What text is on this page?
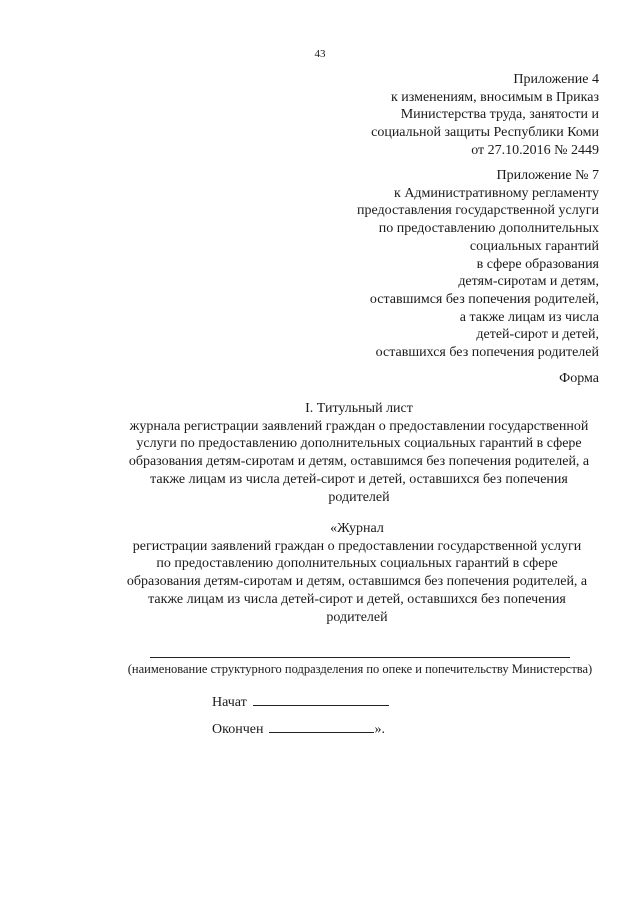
43
Приложение 4
к изменениям, вносимым в Приказ
Министерства труда, занятости и
социальной защиты Республики Коми
от 27.10.2016 № 2449
Приложение № 7
к Административному регламенту
предоставления государственной услуги
по предоставлению дополнительных
социальных гарантий
в сфере образования
детям-сиротам и детям,
оставшимся без попечения родителей,
а также лицам из числа
детей-сирот и детей,
оставшихся без попечения родителей
Форма
I. Титульный лист
журнала регистрации заявлений граждан о предоставлении государственной
услуги по предоставлению дополнительных социальных гарантий в сфере
образования детям-сиротам и детям, оставшимся без попечения родителей, а
также лицам из числа детей-сирот и детей, оставшихся без попечения
родителей
«Журнал
регистрации заявлений граждан о предоставлении государственной услуги
по предоставлению дополнительных социальных гарантий в сфере
образования детям-сиротам и детям, оставшимся без попечения родителей, а
также лицам из числа детей-сирот и детей, оставшихся без попечения
родителей
(наименование структурного подразделения по опеке и попечительству Министерства)
Начат
Окончен	».
